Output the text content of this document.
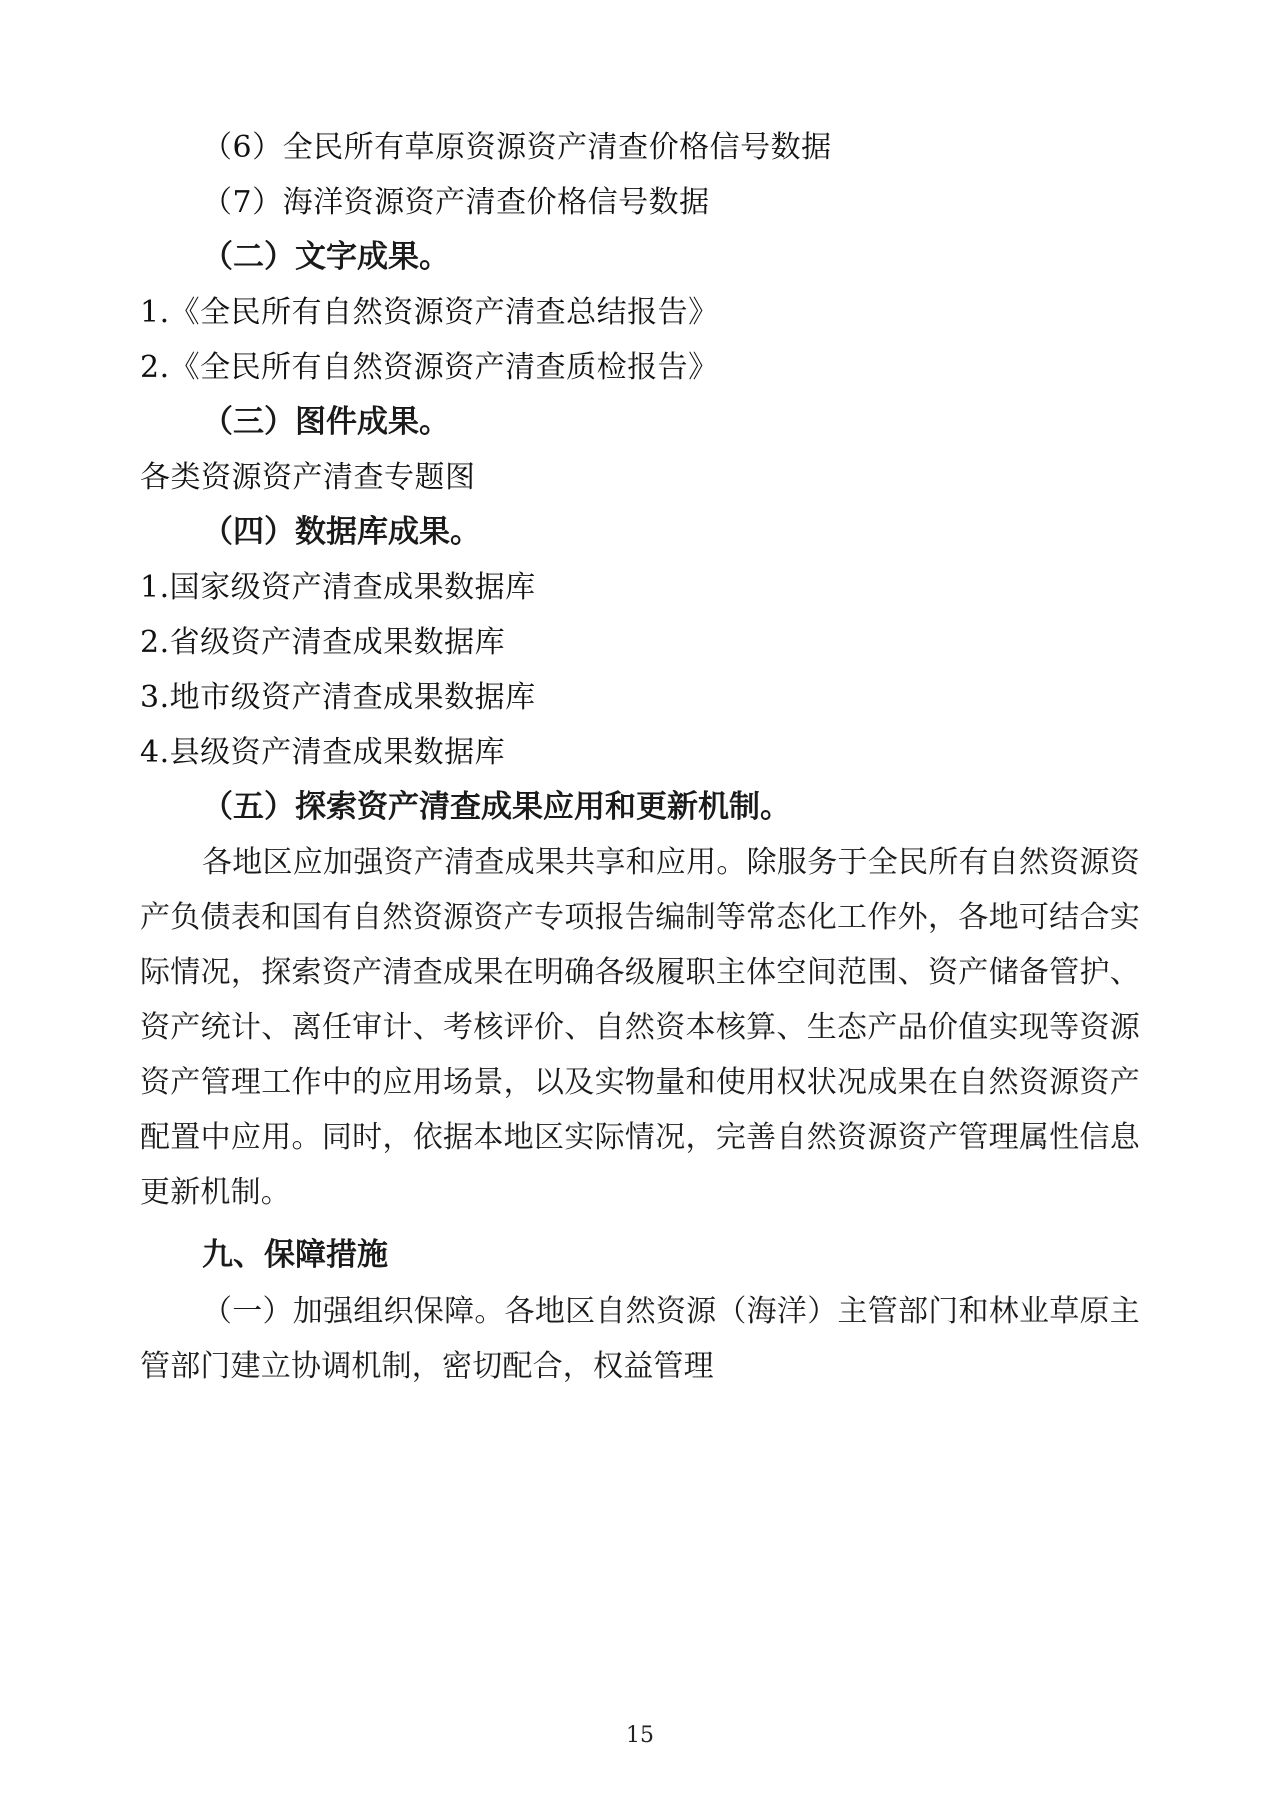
（6）全民所有草原资源资产清查价格信号数据
（7）海洋资源资产清查价格信号数据
（二）文字成果。
1.《全民所有自然资源资产清查总结报告》
2.《全民所有自然资源资产清查质检报告》
（三）图件成果。
各类资源资产清查专题图
（四）数据库成果。
1.国家级资产清查成果数据库
2.省级资产清查成果数据库
3.地市级资产清查成果数据库
4.县级资产清查成果数据库
（五）探索资产清查成果应用和更新机制。

各地区应加强资产清查成果共享和应用。除服务于全民所有自然资源资产负债表和国有自然资源资产专项报告编制等常态化工作外，各地可结合实际情况，探索资产清查成果在明确各级履职主体空间范围、资产储备管护、资产统计、离任审计、考核评价、自然资本核算、生态产品价值实现等资源资产管理工作中的应用场景，以及实物量和使用权状况成果在自然资源资产配置中应用。同时，依据本地区实际情况，完善自然资源资产管理属性信息更新机制。

九、保障措施

（一）加强组织保障。各地区自然资源（海洋）主管部门和林业草原主管部门建立协调机制，密切配合，权益管理

15
